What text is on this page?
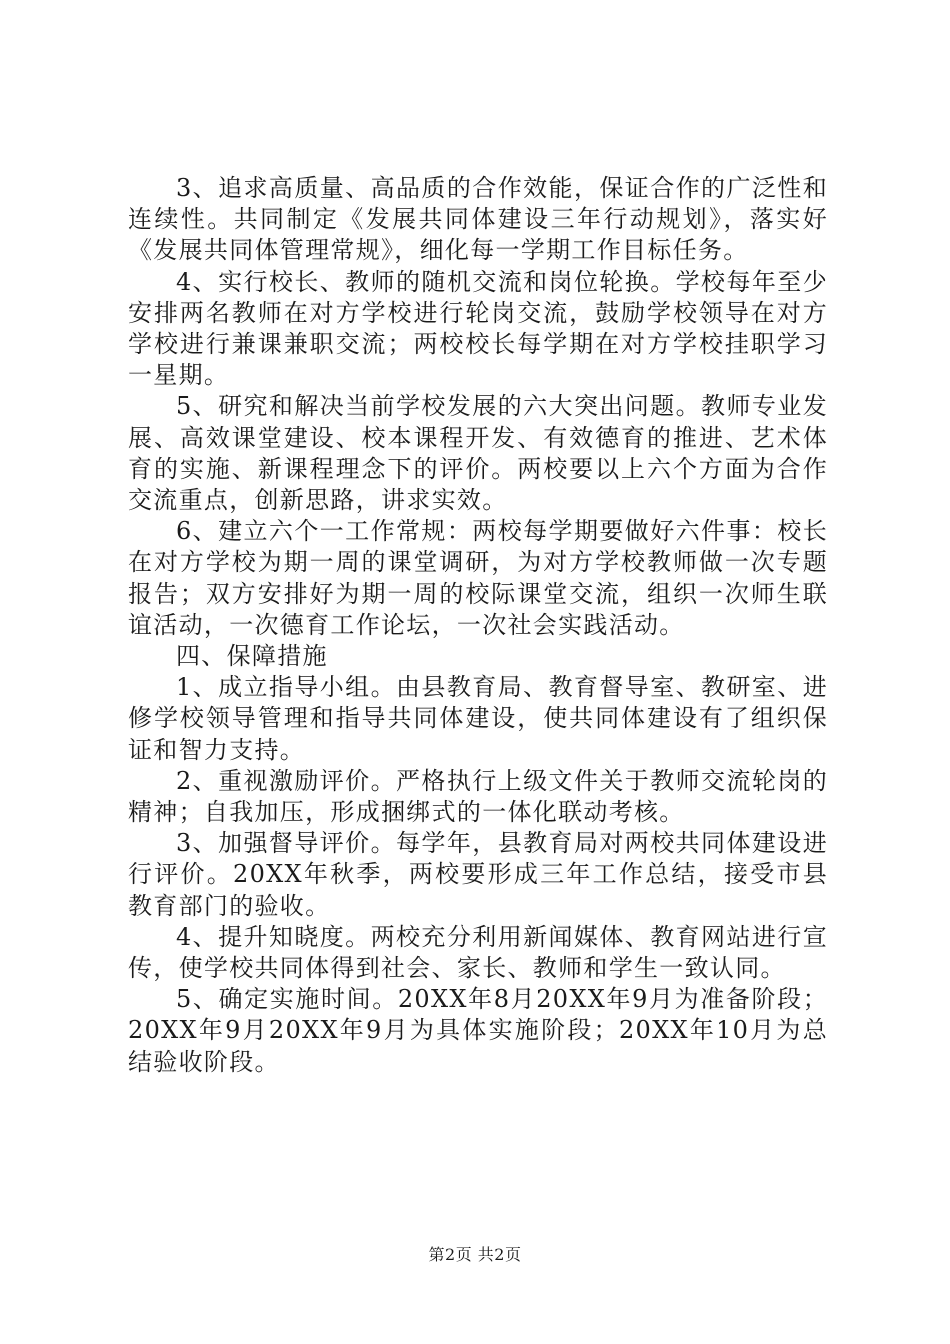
3、追求高质量、高品质的合作效能，保证合作的广泛性和连续性。共同制定《发展共同体建设三年行动规划》，落实好《发展共同体管理常规》，细化每一学期工作目标任务。

4、实行校长、教师的随机交流和岗位轮换。学校每年至少安排两名教师在对方学校进行轮岗交流，鼓励学校领导在对方学校进行兼课兼职交流；两校校长每学期在对方学校挂职学习一星期。

5、研究和解决当前学校发展的六大突出问题。教师专业发展、高效课堂建设、校本课程开发、有效德育的推进、艺术体育的实施、新课程理念下的评价。两校要以上六个方面为合作交流重点，创新思路，讲求实效。

6、建立六个一工作常规：两校每学期要做好六件事：校长在对方学校为期一周的课堂调研，为对方学校教师做一次专题报告；双方安排好为期一周的校际课堂交流，组织一次师生联谊活动，一次德育工作论坛，一次社会实践活动。

四、保障措施

1、成立指导小组。由县教育局、教育督导室、教研室、进修学校领导管理和指导共同体建设，使共同体建设有了组织保证和智力支持。

2、重视激励评价。严格执行上级文件关于教师交流轮岗的精神；自我加压，形成捆绑式的一体化联动考核。

3、加强督导评价。每学年，县教育局对两校共同体建设进行评价。20XX年秋季，两校要形成三年工作总结，接受市县教育部门的验收。

4、提升知晓度。两校充分利用新闻媒体、教育网站进行宣传，使学校共同体得到社会、家长、教师和学生一致认同。

5、确定实施时间。20XX年8月20XX年9月为准备阶段；20XX年9月20XX年9月为具体实施阶段；20XX年10月为总结验收阶段。

第2页 共2页
